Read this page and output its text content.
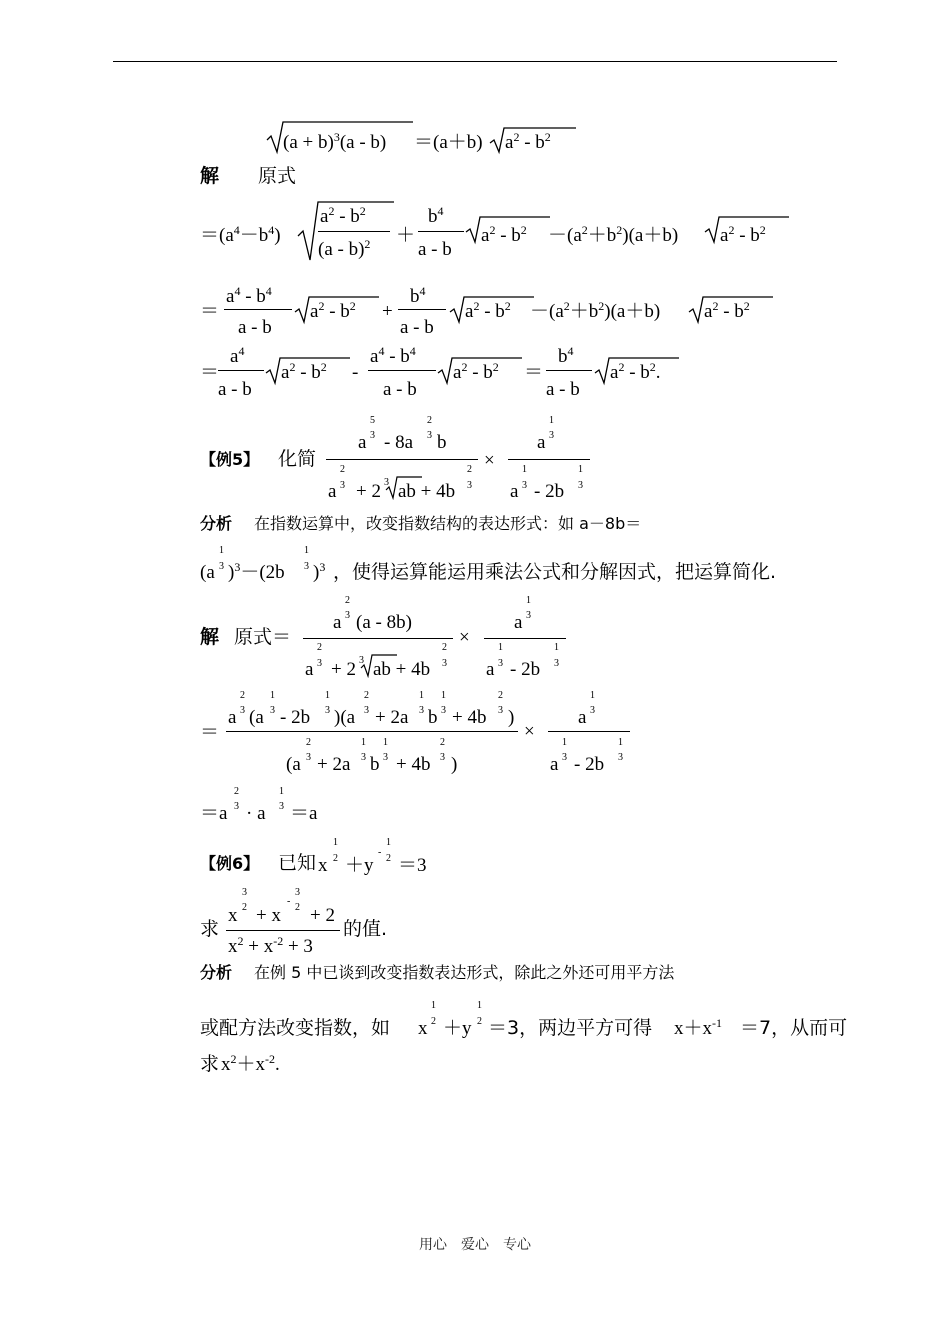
$(a + b)^3(a - b) =(a+b)$ $a^2 - b^2$
解 原式
$=(a^4-b^4)$
$a^2 - b^2$
(a - b)$^2$ ＋
$b^4$
a - b
$a^2 - b^2 -(a^2+b^2)(a+b)$ $a^2 - b^2$
＝
$a^4 - b^4$
a - b
$a^2 - b^2$ +
$b^4$
a - b
$a^2 - b^2 -(a^2+b^2)(a+b)$ $a^2 - b^2$
＝
$a^4$
a - b
$a^2 - b^2$ -
$a^4 - b^4$
a - b
$a^2 - b^2$ ＝
$b^4$
a - b
$a^2 - b^2$.
【例5】 化简
a
5
3 - 8a
2
3 b
a
2
3 + 2 3 ab + 4b
2
3
×
a
1
3
a
1
3 - 2b
1
3
分析 在指数运算中，改变指数结构的表达形式：如 a－8b＝
(a
1
3 )$^3$－(2b
1
3 )$^3$ ，使得运算能运用乘法公式和分解因式，把运算简化.
解 原式＝
a
2
3 (a - 8b)
a
2
3 + 2 3 ab + 4b
2
3
×
a
1
3
a
1
3 - 2b
1
3
＝
a
2
3 (a
1
3 - 2b
1
3 )(a
2
3 + 2a
1
3 b
1
3 + 4b
2
3 )
(a
2
3 + 2a
1
3 b
1
3 + 4b
2
3 )
×
a
1
3
a
1
3 - 2b
1
3
＝a
2
3 · a
1
3 ＝a
【例6】 已知 x
1
2 ＋y
-
1
2 ＝3
求
x
3
2 + x
-
3
2 + 2
$x^2 + x^{-2} + 3$
的值.
分析 在例 5 中已谈到改变指数表达形式，除此之外还可用平方法
或配方法改变指数，如 x
1
2 ＋y
1
2 ＝3，两边平方可得 $x+x^{-1} =7$，从而可
求 $x^2+x^{-2}$.
用心　爱心　专心
